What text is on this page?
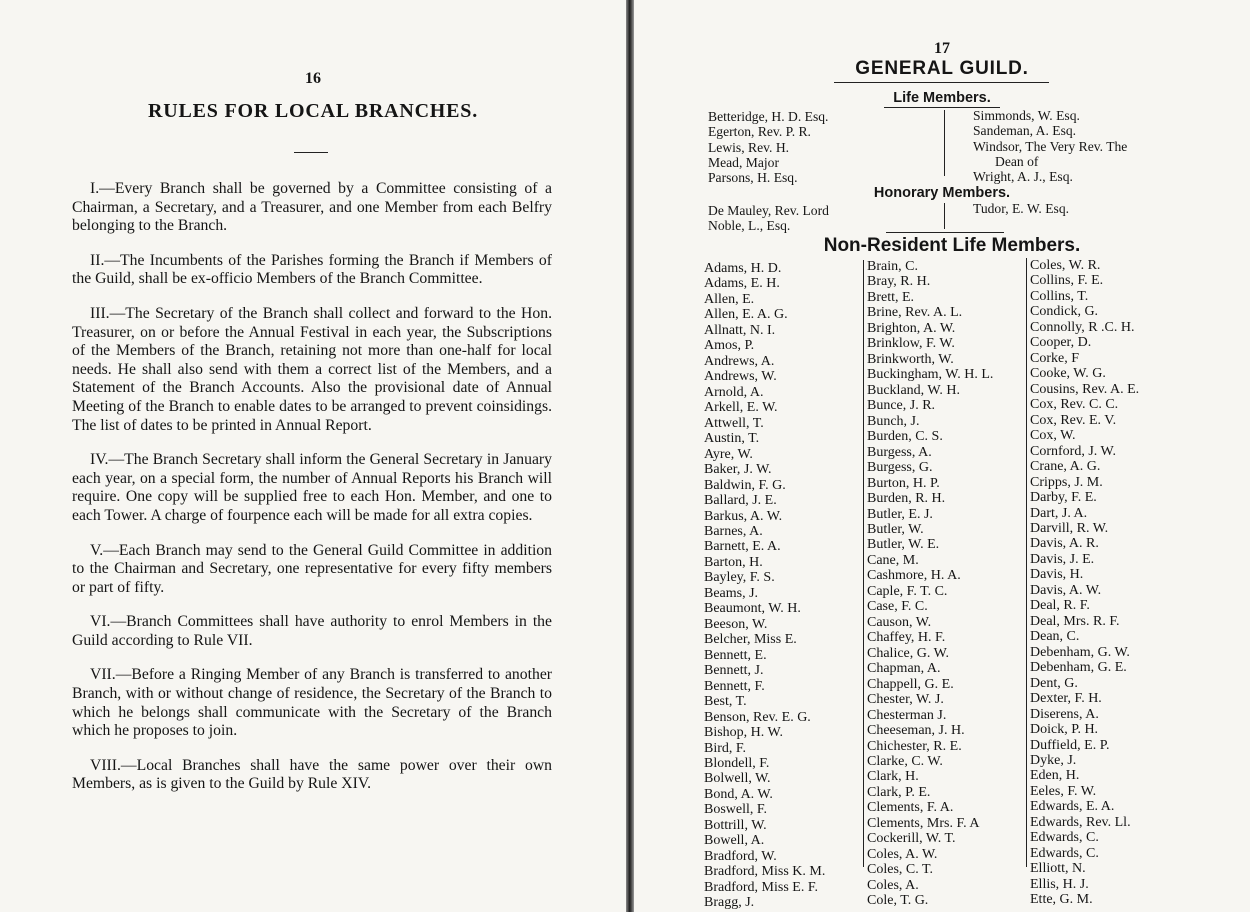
16
RULES FOR LOCAL BRANCHES.

I.—Every Branch shall be governed by a Committee consisting of a Chairman, a Secretary, and a Treasurer, and one Member from each Belfry belonging to the Branch.

II.—The Incumbents of the Parishes forming the Branch if Members of the Guild, shall be ex-officio Members of the Branch Committee.

III.—The Secretary of the Branch shall collect and forward to the Hon. Treasurer, on or before the Annual Festival in each year, the Subscriptions of the Members of the Branch, retaining not more than one-half for local needs. He shall also send with them a correct list of the Members, and a Statement of the Branch Accounts. Also the provisional date of Annual Meeting of the Branch to enable dates to be arranged to prevent coinsidings. The list of dates to be printed in Annual Report.

IV.—The Branch Secretary shall inform the General Secretary in January each year, on a special form, the number of Annual Reports his Branch will require. One copy will be supplied free to each Hon. Member, and one to each Tower. A charge of fourpence each will be made for all extra copies.

V.—Each Branch may send to the General Guild Committee in addition to the Chairman and Secretary, one representative for every fifty members or part of fifty.

VI.—Branch Committees shall have authority to enrol Members in the Guild according to Rule VII.

VII.—Before a Ringing Member of any Branch is transferred to another Branch, with or without change of residence, the Secretary of the Branch to which he belongs shall communicate with the Secretary of the Branch which he proposes to join.

VIII.—Local Branches shall have the same power over their own Members, as is given to the Guild by Rule XIV.

17
GENERAL GUILD.
Life Members.
Betteridge, H. D. Esq.
Egerton, Rev. P. R.
Lewis, Rev. H.
Mead, Major
Parsons, H. Esq.
Simmonds, W. Esq.
Sandeman, A. Esq.
Windsor, The Very Rev. The
Dean of
Wright, A. J., Esq.
Honorary Members.
De Mauley, Rev. Lord
Noble, L., Esq.
Tudor, E. W. Esq.
Non-Resident Life Members.
Adams, H. D.
Adams, E. H.
Allen, E.
Allen, E. A. G.
Allnatt, N. I.
Amos, P.
Andrews, A.
Andrews, W.
Arnold, A.
Arkell, E. W.
Attwell, T.
Austin, T.
Ayre, W.
Baker, J. W.
Baldwin, F. G.
Ballard, J. E.
Barkus, A. W.
Barnes, A.
Barnett, E. A.
Barton, H.
Bayley, F. S.
Beams, J.
Beaumont, W. H.
Beeson, W.
Belcher, Miss E.
Bennett, E.
Bennett, J.
Bennett, F.
Best, T.
Benson, Rev. E. G.
Bishop, H. W.
Bird, F.
Blondell, F.
Bolwell, W.
Bond, A. W.
Boswell, F.
Bottrill, W.
Bowell, A.
Bradford, W.
Bradford, Miss K. M.
Bradford, Miss E. F.
Bragg, J.
Brain, C.
Bray, R. H.
Brett, E.
Brine, Rev. A. L.
Brighton, A. W.
Brinklow, F. W.
Brinkworth, W.
Buckingham, W. H. L.
Buckland, W. H.
Bunce, J. R.
Bunch, J.
Burden, C. S.
Burgess, A.
Burgess, G.
Burton, H. P.
Burden, R. H.
Butler, E. J.
Butler, W.
Butler, W. E.
Cane, M.
Cashmore, H. A.
Caple, F. T. C.
Case, F. C.
Causon, W.
Chaffey, H. F.
Chalice, G. W.
Chapman, A.
Chappell, G. E.
Chester, W. J.
Chesterman J.
Cheeseman, J. H.
Chichester, R. E.
Clarke, C. W.
Clark, H.
Clark, P. E.
Clements, F. A.
Clements, Mrs. F. A
Cockerill, W. T.
Coles, A. W.
Coles, C. T.
Coles, A.
Cole, T. G.
Coles, W. R.
Collins, F. E.
Collins, T.
Condick, G.
Connolly, R .C. H.
Cooper, D.
Corke, F
Cooke, W. G.
Cousins, Rev. A. E.
Cox, Rev. C. C.
Cox, Rev. E. V.
Cox, W.
Cornford, J. W.
Crane, A. G.
Cripps, J. M.
Darby, F. E.
Dart, J. A.
Darvill, R. W.
Davis, A. R.
Davis, J. E.
Davis, H.
Davis, A. W.
Deal, R. F.
Deal, Mrs. R. F.
Dean, C.
Debenham, G. W.
Debenham, G. E.
Dent, G.
Dexter, F. H.
Diserens, A.
Doick, P. H.
Duffield, E. P.
Dyke, J.
Eden, H.
Eeles, F. W.
Edwards, E. A.
Edwards, Rev. Ll.
Edwards, C.
Edwards, C.
Elliott, N.
Ellis, H. J.
Ette, G. M.
